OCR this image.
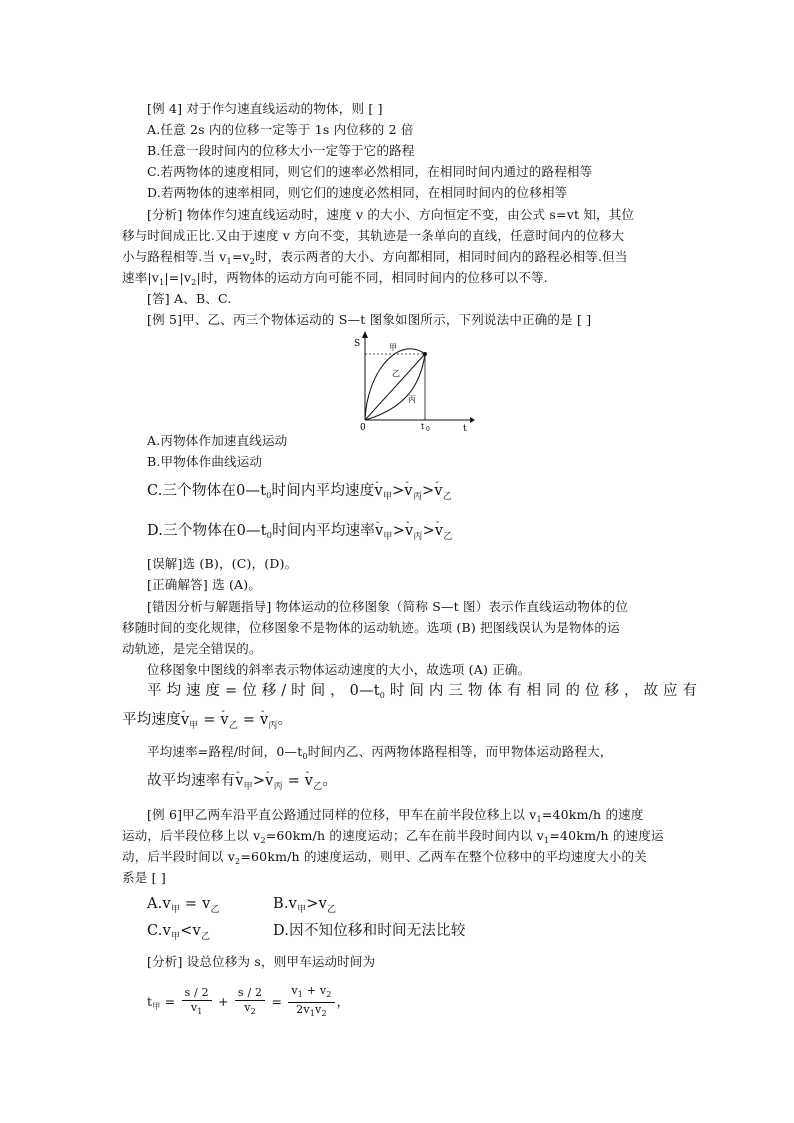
[例 4] 对于作匀速直线运动的物体，则 [ ]
A.任意 2s 内的位移一定等于 1s 内位移的 2 倍
B.任意一段时间内的位移大小一定等于它的路程
C.若两物体的速度相同，则它们的速率必然相同，在相同时间内通过的路程相等
D.若两物体的速率相同，则它们的速度必然相同，在相同时间内的位移相等
[分析] 物体作匀速直线运动时，速度 v 的大小、方向恒定不变，由公式 s=vt 知，其位
移与时间成正比.又由于速度 v 方向不变，其轨迹是一条单向的直线，任意时间内的位移大
小与路程相等.当 $v_1=v_2$时，表示两者的大小、方向都相同，相同时间内的路程必相等.但当
速率$|v_1|=|v_2|$时，两物体的运动方向可能不同，相同时间内的位移可以不等.
[答] A、B、C.
[例 5]甲、乙、丙三个物体运动的 S—t 图象如图所示，下列说法中正确的是 [ ]
S
t
0	t 0
甲
乙
丙
A.丙物体作加速直线运动
B.甲物体作曲线运动
C.三个物体在$0—t_0$时间内平均速度- $v_甲>-$ $v_丙>-$ $v_乙$
D.三个物体在$0—t_0$时间内平均速率- $v_甲>-$ $v_丙>-$ $v_乙$
[误解]选 (B)，(C)，(D)。
[正确解答] 选 (A)。
[错因分析与解题指导] 物体运动的位移图象（简称 S—t 图）表示作直线运动物体的位
移随时间的变化规律，位移图象不是物体的运动轨迹。选项 (B) 把图线误认为是物体的运
动轨迹，是完全错误的。
位移图象中图线的斜率表示物体运动速度的大小，故选项 (A) 正确。
平 均 速 度 = 位 移 / 时 间 ， $0—t_0$ 时 间 内 三 物 体 有 相 同 的 位 移 ， 故 应 有
平均速度- $v_甲$ = - $v_乙$ = - $v_丙$。
平均速率=路程/时间，$0—t_0$时间内乙、丙两物体路程相等，而甲物体运动路程大，
故平均速率有- $v_甲>-$ $v_丙$ = - $v_乙$。
[例 6]甲乙两车沿平直公路通过同样的位移，甲车在前半段位移上以 $v_1=40km/h$ 的速度
运动，后半段位移上以 $v_2=60km/h$ 的速度运动；乙车在前半段时间内以 $v_1=40km/h$ 的速度运
动，后半段时间以 $v_2=60km/h$ 的速度运动，则甲、乙两车在整个位移中的平均速度大小的关
系是 [ ]
$A.v_甲 = v_乙$	$B.v_甲>v_乙$
$C.v_甲<v_乙$	D.因不知位移和时间无法比较
[分析] 设总位移为 s，则甲车运动时间为
$t_甲 = \frac{s / 2}{v_1} + \frac{s / 2}{v_2} = \frac{v_1 + v_2}{2v_1v_2}$ ，
